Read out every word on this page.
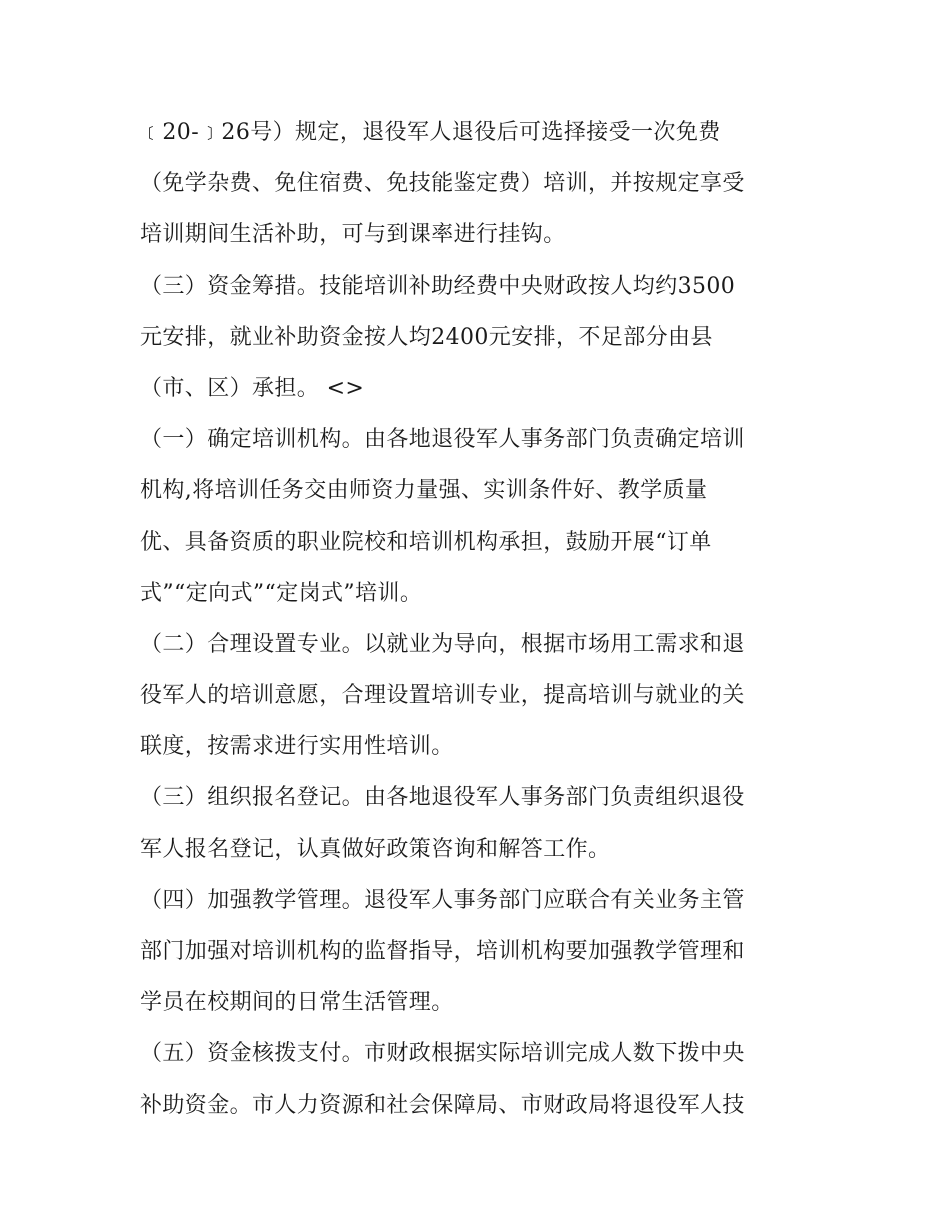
﹝20-﹞26号）规定，退役军人退役后可选择接受一次免费
（免学杂费、免住宿费、免技能鉴定费）培训，并按规定享受
培训期间生活补助，可与到课率进行挂钩。
（三）资金筹措。技能培训补助经费中央财政按人均约3500
元安排，就业补助资金按人均2400元安排，不足部分由县
（市、区）承担。 <>
（一）确定培训机构。由各地退役军人事务部门负责确定培训
机构,将培训任务交由师资力量强、实训条件好、教学质量
优、具备资质的职业院校和培训机构承担，鼓励开展“订单
式”“定向式”“定岗式”培训。
（二）合理设置专业。以就业为导向，根据市场用工需求和退
役军人的培训意愿，合理设置培训专业，提高培训与就业的关
联度，按需求进行实用性培训。
（三）组织报名登记。由各地退役军人事务部门负责组织退役
军人报名登记，认真做好政策咨询和解答工作。
（四）加强教学管理。退役军人事务部门应联合有关业务主管
部门加强对培训机构的监督指导，培训机构要加强教学管理和
学员在校期间的日常生活管理。
（五）资金核拨支付。市财政根据实际培训完成人数下拨中央
补助资金。市人力资源和社会保障局、市财政局将退役军人技
